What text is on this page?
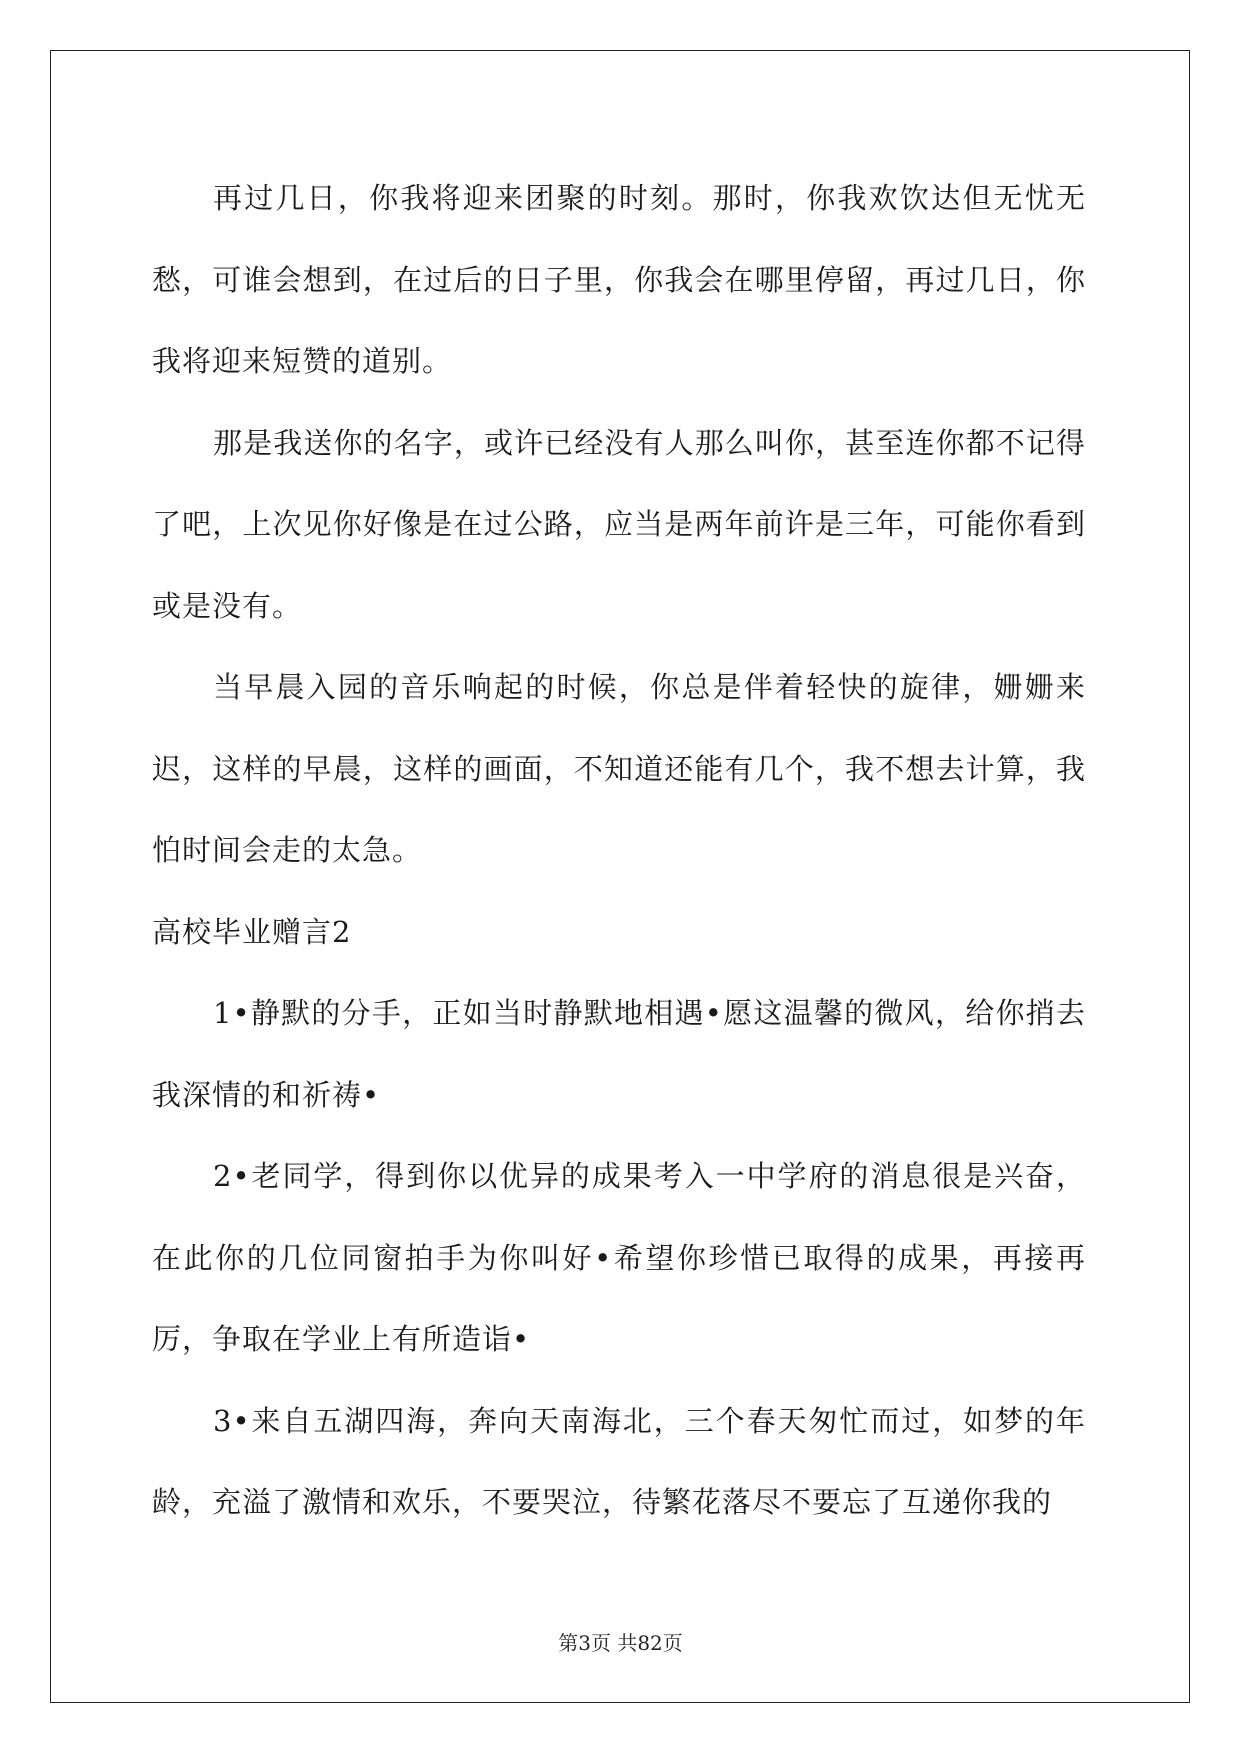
再过几日，你我将迎来团聚的时刻。那时，你我欢饮达但无忧无愁，可谁会想到，在过后的日子里，你我会在哪里停留，再过几日，你我将迎来短赞的道别。

那是我送你的名字，或许已经没有人那么叫你，甚至连你都不记得了吧，上次见你好像是在过公路，应当是两年前许是三年，可能你看到或是没有。

当早晨入园的音乐响起的时候，你总是伴着轻快的旋律，姗姗来迟，这样的早晨，这样的画面，不知道还能有几个，我不想去计算，我怕时间会走的太急。

高校毕业赠言2

1•静默的分手，正如当时静默地相遇•愿这温馨的微风，给你捎去我深情的和祈祷•

2•老同学，得到你以优异的成果考入一中学府的消息很是兴奋，在此你的几位同窗拍手为你叫好•希望你珍惜已取得的成果，再接再厉，争取在学业上有所造诣•

3•来自五湖四海，奔向天南海北，三个春天匆忙而过，如梦的年龄，充溢了激情和欢乐，不要哭泣，待繁花落尽不要忘了互递你我的

第3页 共82页
